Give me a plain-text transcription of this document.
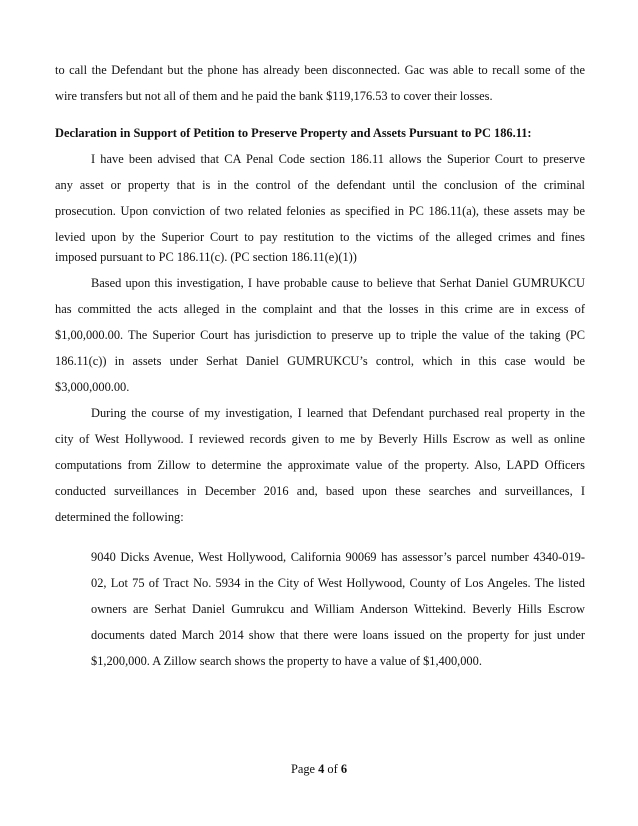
to call the Defendant but the phone has already been disconnected. Gac was able to recall some of the
wire transfers but not all of them and he paid the bank $119,176.53 to cover their losses.
Declaration in Support of Petition to Preserve Property and Assets Pursuant to PC 186.11:
I have been advised that CA Penal Code section 186.11 allows the Superior Court to preserve
any asset or property that is in the control of the defendant until the conclusion of the criminal
prosecution. Upon conviction of two related felonies as specified in PC 186.11(a), these assets may be
levied upon by the Superior Court to pay restitution to the victims of the alleged crimes and fines
imposed pursuant to PC 186.11(c). (PC section 186.11(e)(1))
Based upon this investigation, I have probable cause to believe that Serhat Daniel GUMRUKCU
has committed the acts alleged in the complaint and that the losses in this crime are in excess of
$1,00,000.00. The Superior Court has jurisdiction to preserve up to triple the value of the taking (PC
186.11(c)) in assets under Serhat Daniel GUMRUKCU’s control, which in this case would be
$3,000,000.00.
During the course of my investigation, I learned that Defendant purchased real property in the
city of West Hollywood. I reviewed records given to me by Beverly Hills Escrow as well as online
computations from Zillow to determine the approximate value of the property. Also, LAPD Officers
conducted surveillances in December 2016 and, based upon these searches and surveillances, I
determined the following:
9040 Dicks Avenue, West Hollywood, California 90069 has assessor’s parcel number 4340-019-
02, Lot 75 of Tract No. 5934 in the City of West Hollywood, County of Los Angeles. The listed
owners are Serhat Daniel Gumrukcu and William Anderson Wittekind. Beverly Hills Escrow
documents dated March 2014 show that there were loans issued on the property for just under
$1,200,000. A Zillow search shows the property to have a value of $1,400,000.
Page 4 of 6
